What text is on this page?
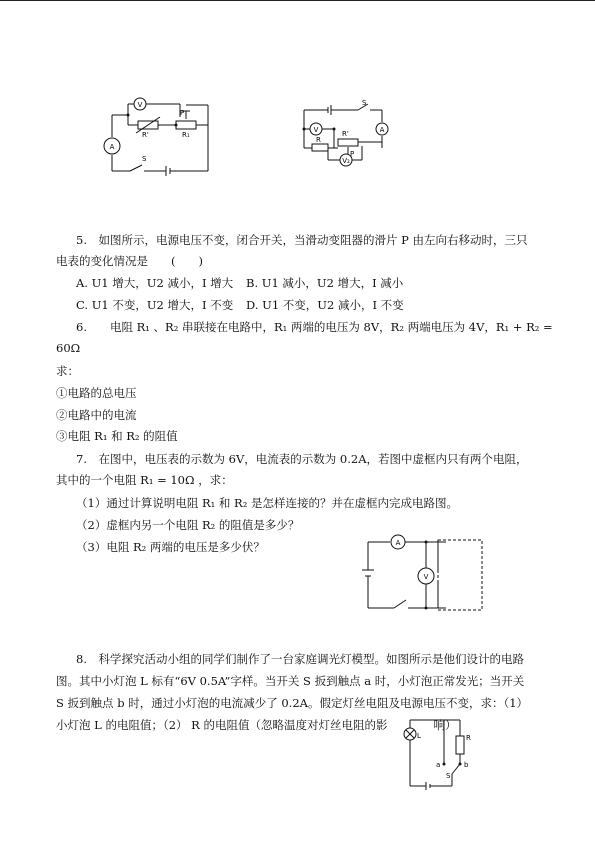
V
A
P
R'	R₁
S
S
V	A
R'
R
P
V₂
5.　如图所示，电源电压不变，闭合开关，当滑动变阻器的滑片 P 由左向右移动时，三只
电表的变化情况是　　(　　)
A. U1 增大，U2 减小，I 增大 B. U1 减小，U2 增大，I 减小
C. U1 不变，U2 增大，I 不变 D. U1 不变，U2 减小，I 不变
6.　　电阻 R₁ 、R₂ 串联接在电路中，R₁ 两端的电压为 8V，R₂ 两端电压为 4V，R₁ + R₂ =
60Ω
求：
①电路的总电压
②电路中的电流
③电阻 R₁ 和 R₂ 的阻值
7.　在图中，电压表的示数为 6V，电流表的示数为 0.2A，若图中虚框内只有两个电阻，
其中的一个电阻 R₁ = 10Ω ，求：
（1）通过计算说明电阻 R₁ 和 R₂ 是怎样连接的？并在虚框内完成电路图。
（2）虚框内另一个电阻 R₂ 的阻值是多少？
（3）电阻 R₂ 两端的电压是多少伏？	A
V
8.　科学探究活动小组的同学们制作了一台家庭调光灯模型。如图所示是他们设计的电路
图。其中小灯泡 L 标有“6V 0.5A”字样。当开关 S 扳到触点 a 时，小灯泡正常发光；当开关
S 扳到触点 b 时，通过小灯泡的电流减少了 0.2A。假定灯丝电阻及电源电压不变，求：（1）
小灯泡 L 的电阻值；（2） R 的电阻值（忽略温度对灯丝电阻的影　　　　响）
L	R
a	b
S
